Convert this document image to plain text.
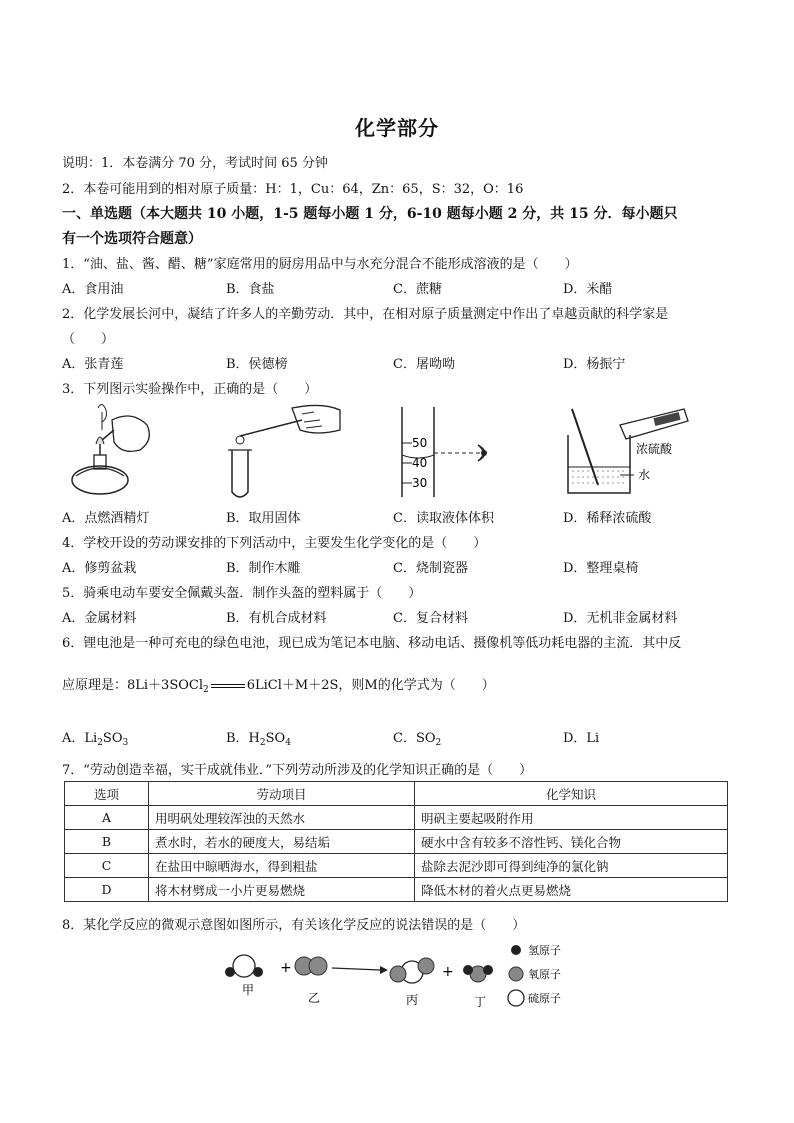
化学部分
说明：1．本卷满分 70 分，考试时间 65 分钟
2．本卷可能用到的相对原子质量：H：1，Cu：64，Zn：65，S：32，O：16
一、单选题（本大题共 10 小题，1-5 题每小题 1 分，6-10 题每小题 2 分，共 15 分．每小题只
有一个选项符合题意）
1．“油、盐、酱、醋、糖”家庭常用的厨房用品中与水充分混合不能形成溶液的是（　　）
A．食用油	B．食盐	C．蔗糖	D．米醋
2．化学发展长河中，凝结了许多人的辛勤劳动．其中，在相对原子质量测定中作出了卓越贡献的科学家是
（　　）
A．张青莲	B．侯德榜	C．屠呦呦	D．杨振宁
3．下列图示实验操作中，正确的是（　　）
50
40
30
浓硫酸
水
A．点燃酒精灯	B．取用固体	C．读取液体体积	D．稀释浓硫酸
4．学校开设的劳动课安排的下列活动中，主要发生化学变化的是（　　）
A．修剪盆栽	B．制作木雕	C．烧制瓷器	D．整理桌椅
5．骑乘电动车要安全佩戴头盔．制作头盔的塑料属于（　　）
A．金属材料	B．有机合成材料	C．复合材料	D．无机非金属材料
6．锂电池是一种可充电的绿色电池，现已成为笔记本电脑、移动电话、摄像机等低功耗电器的主流．其中反
应原理是：8Li＋3SOCl$_2$	6LiCl＋M＋2S，则M的化学式为（　　）
A．$Li_2SO_3$	B．$H_2SO_4$	C．$SO_2$	D．Li
7．“劳动创造幸福，实干成就伟业．”下列劳动所涉及的化学知识正确的是（　　）
选项	劳动项目	化学知识
A	用明矾处理较浑浊的天然水	明矾主要起吸附作用
B	煮水时，若水的硬度大，易结垢	硬水中含有较多不溶性钙、镁化合物
C	在盐田中晾晒海水，得到粗盐	盐除去泥沙即可得到纯净的氯化钠
D	将木材劈成一小片更易燃烧	降低木材的着火点更易燃烧
8．某化学反应的微观示意图如图所示，有关该化学反应的说法错误的是（　　）
甲
+
乙	丙
+
丁
氢原子
氧原子
硫原子
